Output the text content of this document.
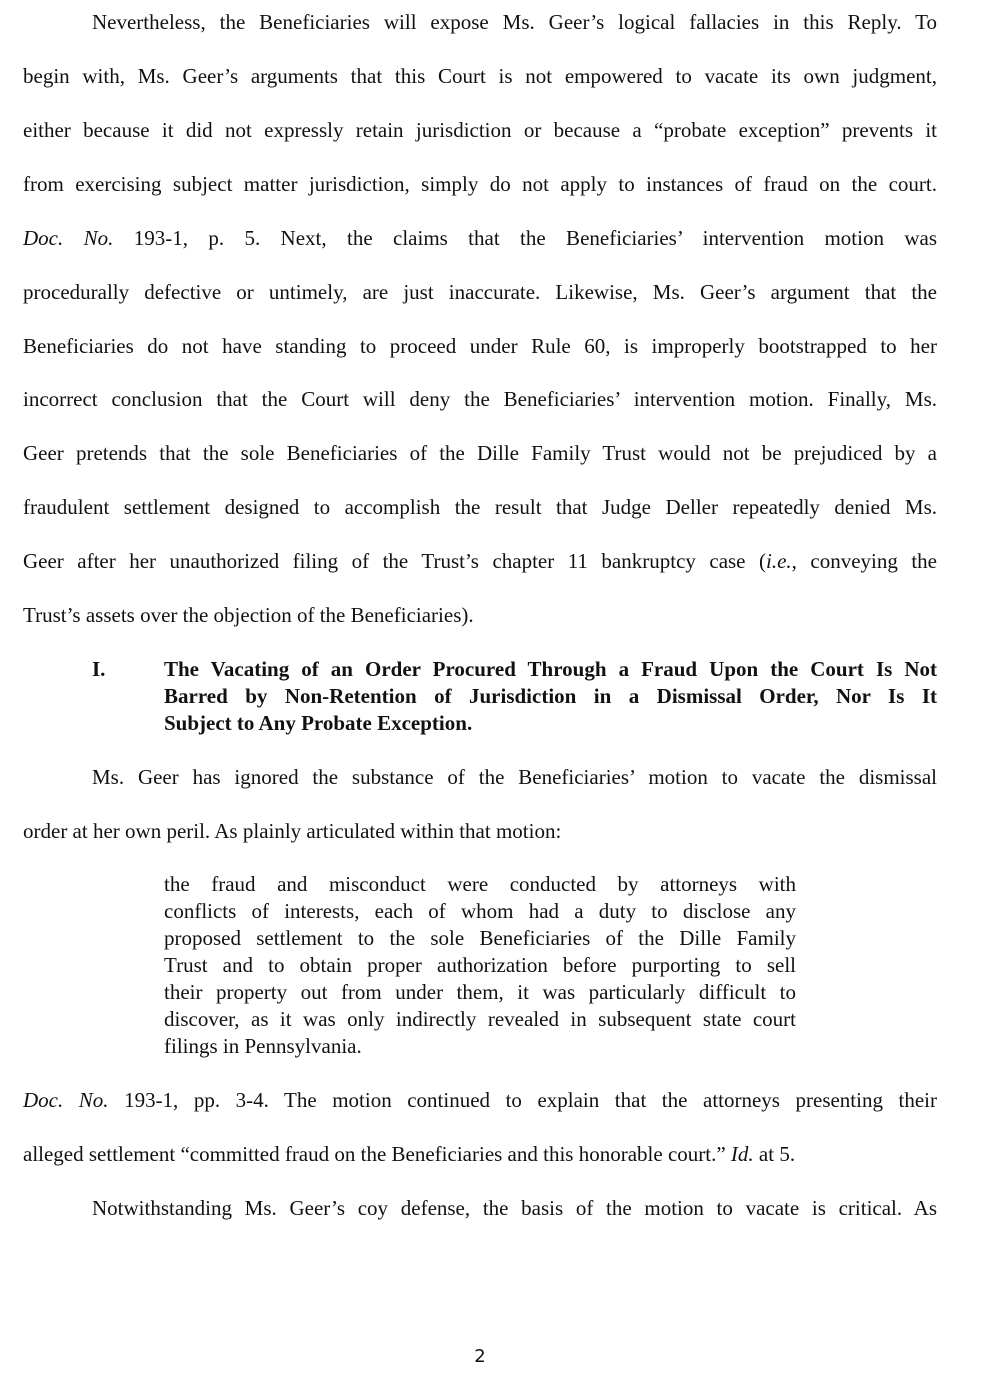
Nevertheless, the Beneficiaries will expose Ms. Geer’s logical fallacies in this Reply. To
begin with, Ms. Geer’s arguments that this Court is not empowered to vacate its own judgment,
either because it did not expressly retain jurisdiction or because a “probate exception” prevents it
from exercising subject matter jurisdiction, simply do not apply to instances of fraud on the court.
Doc. No. 193-1, p. 5. Next, the claims that the Beneficiaries’ intervention motion was
procedurally defective or untimely, are just inaccurate. Likewise, Ms. Geer’s argument that the
Beneficiaries do not have standing to proceed under Rule 60, is improperly bootstrapped to her
incorrect conclusion that the Court will deny the Beneficiaries’ intervention motion. Finally, Ms.
Geer pretends that the sole Beneficiaries of the Dille Family Trust would not be prejudiced by a
fraudulent settlement designed to accomplish the result that Judge Deller repeatedly denied Ms.
Geer after her unauthorized filing of the Trust’s chapter 11 bankruptcy case (i.e., conveying the
Trust’s assets over the objection of the Beneficiaries).
I.	The Vacating of an Order Procured Through a Fraud Upon the Court Is Not
Barred by Non-Retention of Jurisdiction in a Dismissal Order, Nor Is It
Subject to Any Probate Exception.
Ms. Geer has ignored the substance of the Beneficiaries’ motion to vacate the dismissal
order at her own peril. As plainly articulated within that motion:
the fraud and misconduct were conducted by attorneys with
conflicts of interests, each of whom had a duty to disclose any
proposed settlement to the sole Beneficiaries of the Dille Family
Trust and to obtain proper authorization before purporting to sell
their property out from under them, it was particularly difficult to
discover, as it was only indirectly revealed in subsequent state court
filings in Pennsylvania.
Doc. No. 193-1, pp. 3-4. The motion continued to explain that the attorneys presenting their
alleged settlement “committed fraud on the Beneficiaries and this honorable court.” Id. at 5.
Notwithstanding Ms. Geer’s coy defense, the basis of the motion to vacate is critical. As
2
